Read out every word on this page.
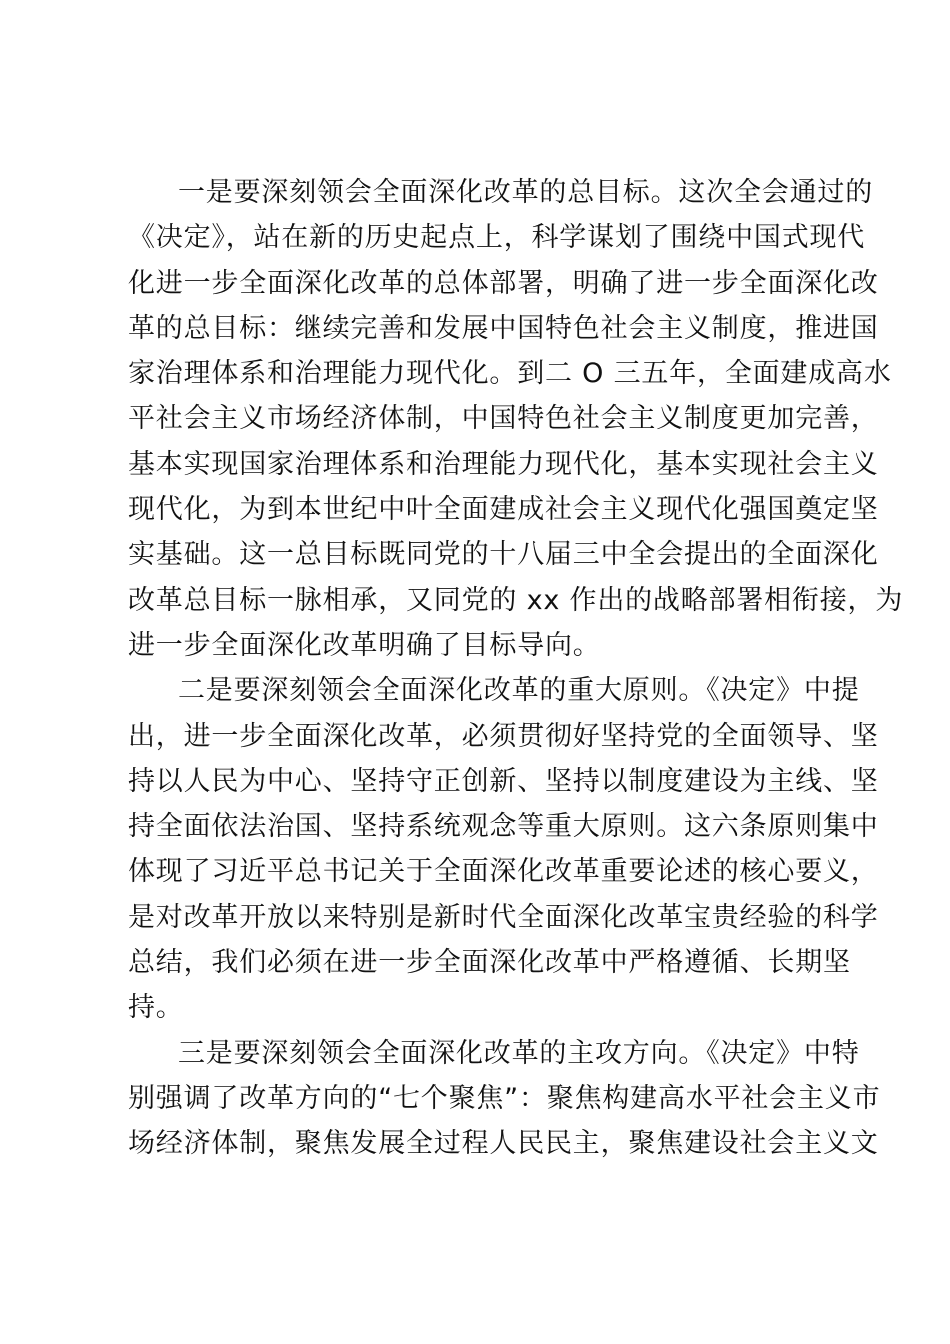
一是要深刻领会全面深化改革的总目标。这次全会通过的
《决定》，站在新的历史起点上，科学谋划了围绕中国式现代
化进一步全面深化改革的总体部署，明确了进一步全面深化改
革的总目标：继续完善和发展中国特色社会主义制度，推进国
家治理体系和治理能力现代化。到二 O 三五年，全面建成高水
平社会主义市场经济体制，中国特色社会主义制度更加完善，
基本实现国家治理体系和治理能力现代化，基本实现社会主义
现代化，为到本世纪中叶全面建成社会主义现代化强国奠定坚
实基础。这一总目标既同党的十八届三中全会提出的全面深化
改革总目标一脉相承，又同党的 xx 作出的战略部署相衔接，为
进一步全面深化改革明确了目标导向。
二是要深刻领会全面深化改革的重大原则。《决定》中提
出，进一步全面深化改革，必须贯彻好坚持党的全面领导、坚
持以人民为中心、坚持守正创新、坚持以制度建设为主线、坚
持全面依法治国、坚持系统观念等重大原则。这六条原则集中
体现了习近平总书记关于全面深化改革重要论述的核心要义，
是对改革开放以来特别是新时代全面深化改革宝贵经验的科学
总结，我们必须在进一步全面深化改革中严格遵循、长期坚
持。
三是要深刻领会全面深化改革的主攻方向。《决定》中特
别强调了改革方向的“七个聚焦”：聚焦构建高水平社会主义市
场经济体制，聚焦发展全过程人民民主，聚焦建设社会主义文
